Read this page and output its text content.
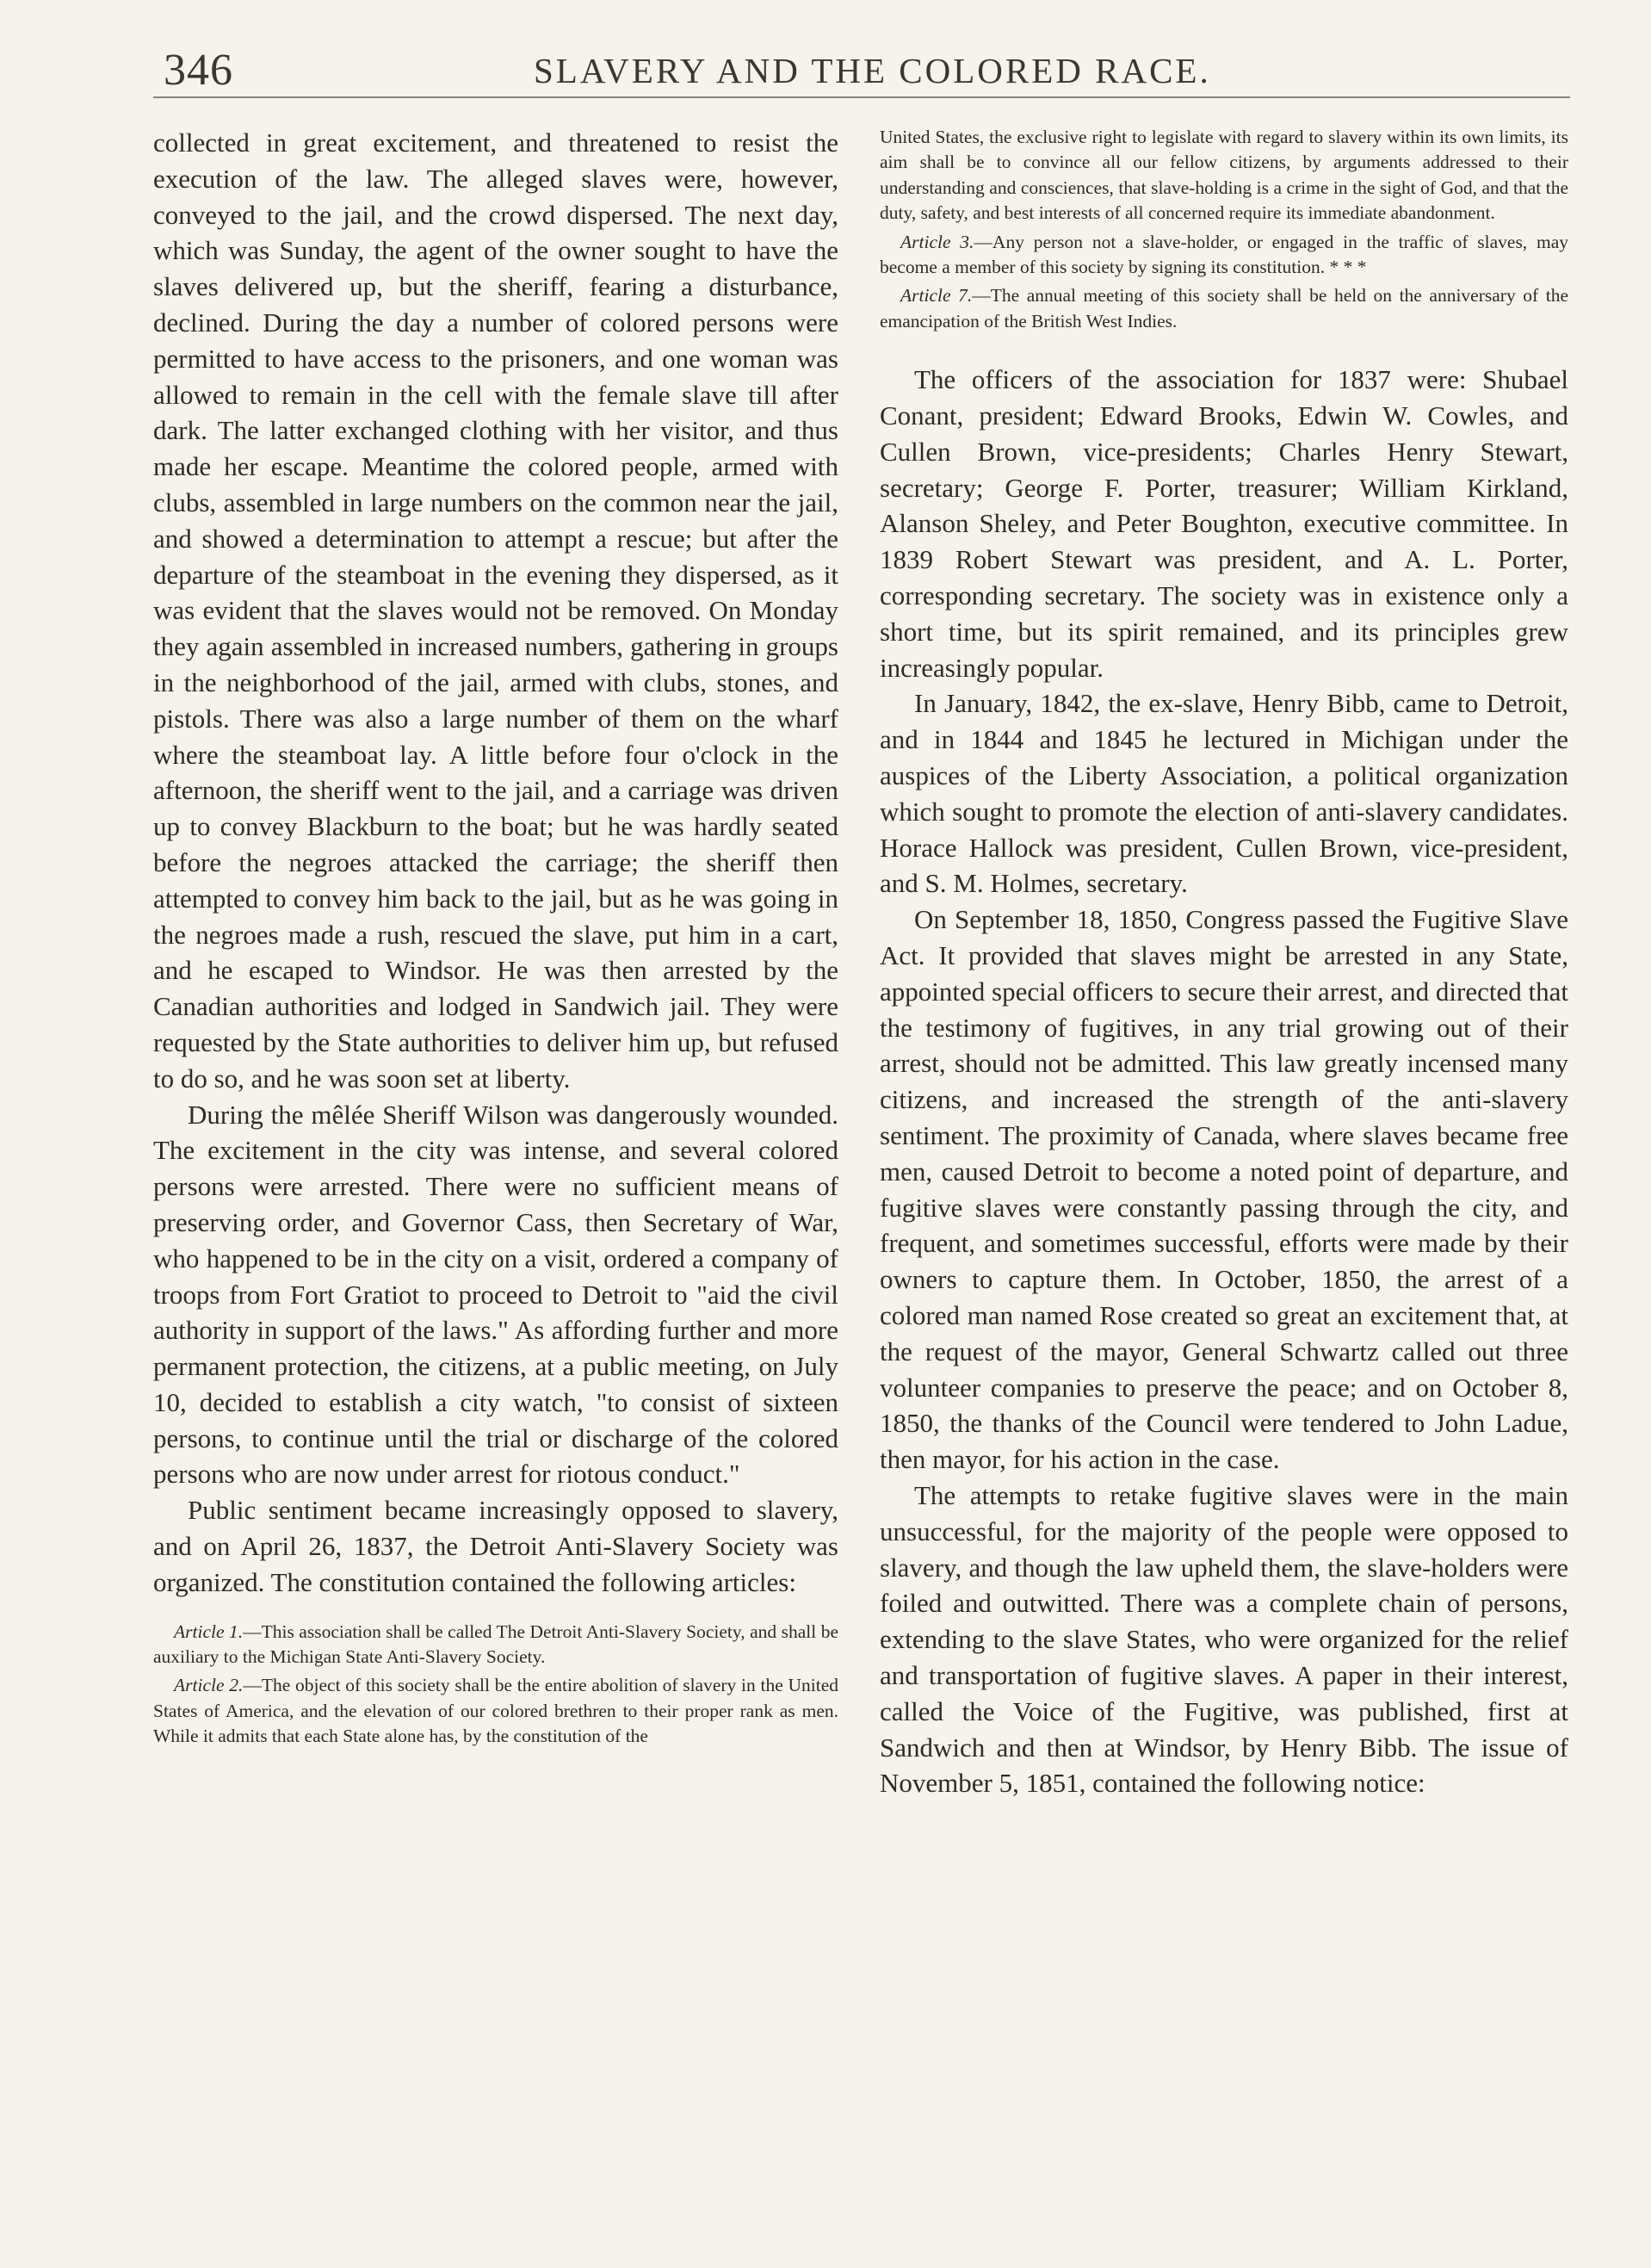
346	SLAVERY AND THE COLORED RACE.

collected in great excitement, and threatened to resist the execution of the law. The alleged slaves were, however, conveyed to the jail, and the crowd dispersed. The next day, which was Sunday, the agent of the owner sought to have the slaves delivered up, but the sheriff, fearing a disturbance, declined. During the day a number of colored persons were permitted to have access to the prisoners, and one woman was allowed to remain in the cell with the female slave till after dark. The latter exchanged clothing with her visitor, and thus made her escape. Meantime the colored people, armed with clubs, assembled in large numbers on the common near the jail, and showed a determination to attempt a rescue; but after the departure of the steamboat in the evening they dispersed, as it was evident that the slaves would not be removed. On Monday they again assembled in increased numbers, gathering in groups in the neighborhood of the jail, armed with clubs, stones, and pistols. There was also a large number of them on the wharf where the steamboat lay. A little before four o'clock in the afternoon, the sheriff went to the jail, and a carriage was driven up to convey Blackburn to the boat; but he was hardly seated before the negroes attacked the carriage; the sheriff then attempted to convey him back to the jail, but as he was going in the negroes made a rush, rescued the slave, put him in a cart, and he escaped to Windsor. He was then arrested by the Canadian authorities and lodged in Sandwich jail. They were requested by the State authorities to deliver him up, but refused to do so, and he was soon set at liberty.

During the mêlée Sheriff Wilson was dangerously wounded. The excitement in the city was intense, and several colored persons were arrested. There were no sufficient means of preserving order, and Governor Cass, then Secretary of War, who happened to be in the city on a visit, ordered a company of troops from Fort Gratiot to proceed to Detroit to "aid the civil authority in support of the laws." As affording further and more permanent protection, the citizens, at a public meeting, on July 10, decided to establish a city watch, "to consist of sixteen persons, to continue until the trial or discharge of the colored persons who are now under arrest for riotous conduct."

Public sentiment became increasingly opposed to slavery, and on April 26, 1837, the Detroit Anti-Slavery Society was organized. The constitution contained the following articles:

Article 1.—This association shall be called The Detroit Anti-Slavery Society, and shall be auxiliary to the Michigan State Anti-Slavery Society.

Article 2.—The object of this society shall be the entire abolition of slavery in the United States of America, and the elevation of our colored brethren to their proper rank as men. While it admits that each State alone has, by the constitution of the

United States, the exclusive right to legislate with regard to slavery within its own limits, its aim shall be to convince all our fellow citizens, by arguments addressed to their understanding and consciences, that slave-holding is a crime in the sight of God, and that the duty, safety, and best interests of all concerned require its immediate abandonment.

Article 3.—Any person not a slave-holder, or engaged in the traffic of slaves, may become a member of this society by signing its constitution. * * *

Article 7.—The annual meeting of this society shall be held on the anniversary of the emancipation of the British West Indies.

The officers of the association for 1837 were: Shubael Conant, president; Edward Brooks, Edwin W. Cowles, and Cullen Brown, vice-presidents; Charles Henry Stewart, secretary; George F. Porter, treasurer; William Kirkland, Alanson Sheley, and Peter Boughton, executive committee. In 1839 Robert Stewart was president, and A. L. Porter, corresponding secretary. The society was in existence only a short time, but its spirit remained, and its principles grew increasingly popular.

In January, 1842, the ex-slave, Henry Bibb, came to Detroit, and in 1844 and 1845 he lectured in Michigan under the auspices of the Liberty Association, a political organization which sought to promote the election of anti-slavery candidates. Horace Hallock was president, Cullen Brown, vice-president, and S. M. Holmes, secretary.

On September 18, 1850, Congress passed the Fugitive Slave Act. It provided that slaves might be arrested in any State, appointed special officers to secure their arrest, and directed that the testimony of fugitives, in any trial growing out of their arrest, should not be admitted. This law greatly incensed many citizens, and increased the strength of the anti-slavery sentiment. The proximity of Canada, where slaves became free men, caused Detroit to become a noted point of departure, and fugitive slaves were constantly passing through the city, and frequent, and sometimes successful, efforts were made by their owners to capture them. In October, 1850, the arrest of a colored man named Rose created so great an excitement that, at the request of the mayor, General Schwartz called out three volunteer companies to preserve the peace; and on October 8, 1850, the thanks of the Council were tendered to John Ladue, then mayor, for his action in the case.

The attempts to retake fugitive slaves were in the main unsuccessful, for the majority of the people were opposed to slavery, and though the law upheld them, the slave-holders were foiled and outwitted. There was a complete chain of persons, extending to the slave States, who were organized for the relief and transportation of fugitive slaves. A paper in their interest, called the Voice of the Fugitive, was published, first at Sandwich and then at Windsor, by Henry Bibb. The issue of November 5, 1851, contained the following notice:
